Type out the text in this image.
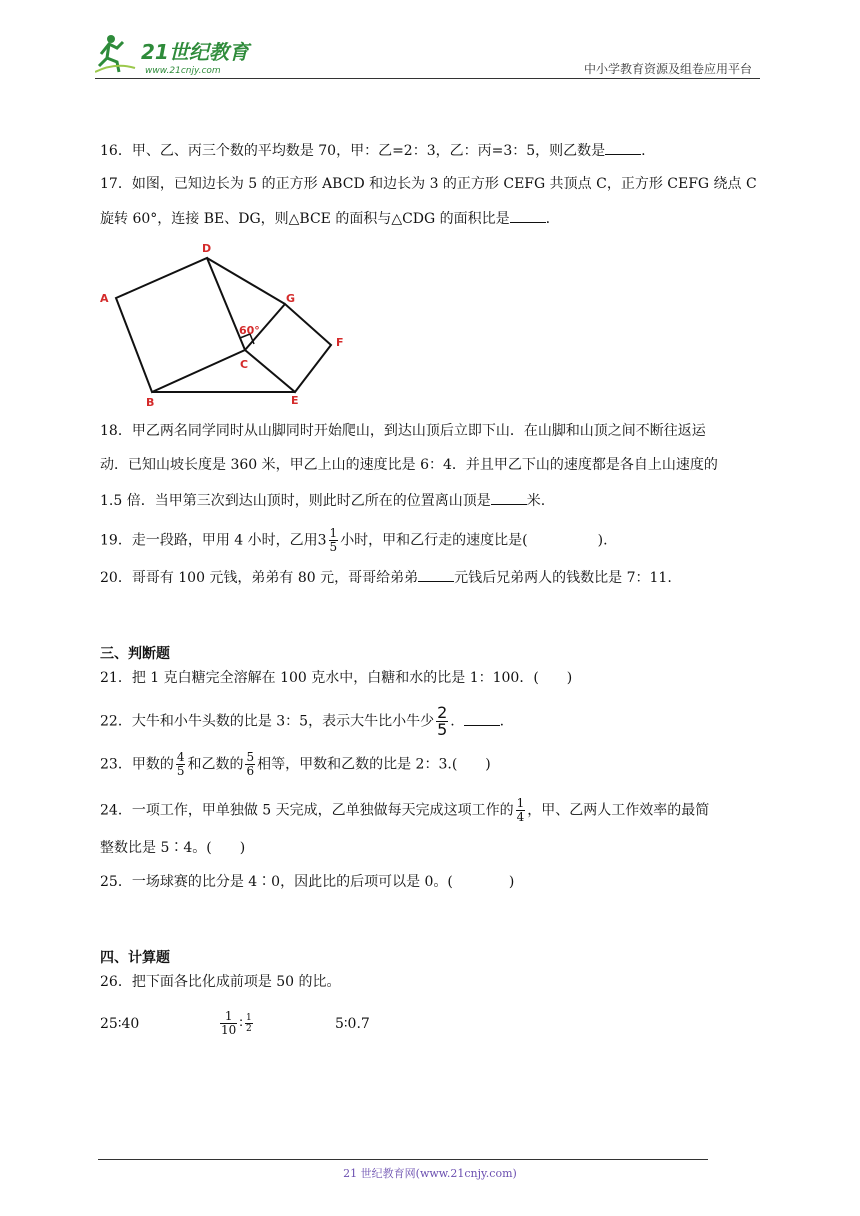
21世纪教育
www.21cnjy.com	中小学教育资源及组卷应用平台
16．甲、乙、丙三个数的平均数是 70，甲：乙=2：3，乙：丙=3：5，则乙数是	.
17．如图，已知边长为 5 的正方形 ABCD 和边长为 3 的正方形 CEFG 共顶点 C，正方形 CEFG 绕点 C
旋转 60°，连接 BE、DG，则△BCE 的面积与△CDG 的面积比是	.
A
D
G
F
C
B	E
60°
18．甲乙两名同学同时从山脚同时开始爬山，到达山顶后立即下山．在山脚和山顶之间不断往返运
动．已知山坡长度是 360 米，甲乙上山的速度比是 6：4．并且甲乙下山的速度都是各自上山速度的
1.5 倍．当甲第三次到达山顶时，则此时乙所在的位置离山顶是	米.
19．走一段路，甲用 4 小时，乙用$3 \frac{1}{5}$ 小时，甲和乙行走的速度比是(	).
20．哥哥有 100 元钱，弟弟有 80 元，哥哥给弟弟	元钱后兄弟两人的钱数比是 7：11.
三、判断题
21．把 1 克白糖完全溶解在 100 克水中，白糖和水的比是 1：100．(　　)
22．大牛和小牛头数的比是 3：5，表示大牛比小牛少 $\frac{2}{5}$ .	.
23．甲数的 $\frac{4}{5}$ 和乙数的 $\frac{5}{6}$ 相等，甲数和乙数的比是 2：3.(　　)
24．一项工作，甲单独做 5 天完成，乙单独做每天完成这项工作的 $\frac{1}{4}$ ，甲、乙两人工作效率的最简
整数比是 5∶4。(　　)
25．一场球赛的比分是 4∶0，因此比的后项可以是 0。(　　　　)
四、计算题
26．把下面各比化成前项是 50 的比。
25∶40	$\frac{1}{10}$ ∶ $\frac{1}{2}$	5∶0.7
21 世纪教育网(www.21cnjy.com)
